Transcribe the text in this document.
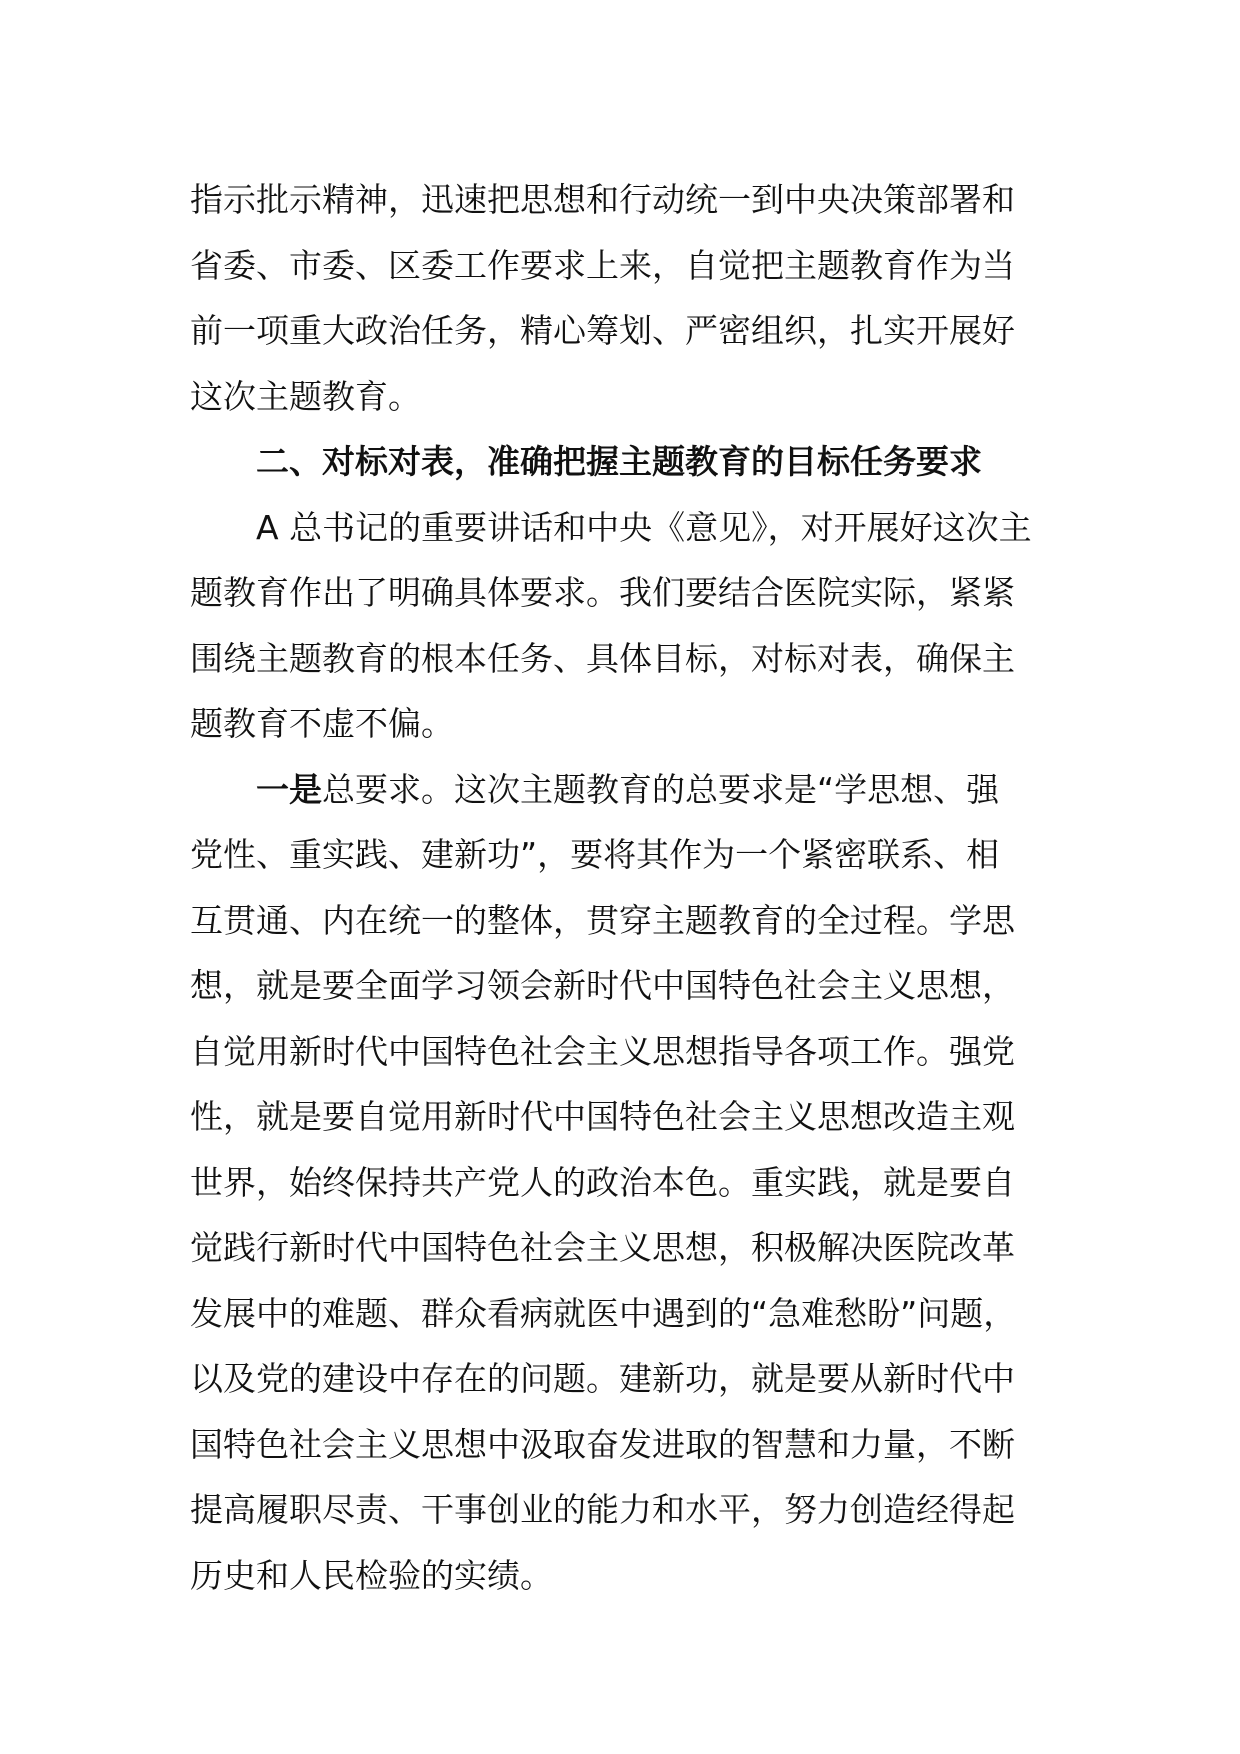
指示批示精神，迅速把思想和行动统一到中央决策部署和
省委、市委、区委工作要求上来，自觉把主题教育作为当
前一项重大政治任务，精心筹划、严密组织，扎实开展好
这次主题教育。
二、对标对表，准确把握主题教育的目标任务要求
A 总书记的重要讲话和中央《意见》，对开展好这次主
题教育作出了明确具体要求。我们要结合医院实际，紧紧
围绕主题教育的根本任务、具体目标，对标对表，确保主
题教育不虚不偏。
一是总要求。这次主题教育的总要求是“学思想、强
党性、重实践、建新功”，要将其作为一个紧密联系、相
互贯通、内在统一的整体，贯穿主题教育的全过程。学思
想，就是要全面学习领会新时代中国特色社会主义思想，
自觉用新时代中国特色社会主义思想指导各项工作。强党
性，就是要自觉用新时代中国特色社会主义思想改造主观
世界，始终保持共产党人的政治本色。重实践，就是要自
觉践行新时代中国特色社会主义思想，积极解决医院改革
发展中的难题、群众看病就医中遇到的“急难愁盼”问题，
以及党的建设中存在的问题。建新功，就是要从新时代中
国特色社会主义思想中汲取奋发进取的智慧和力量，不断
提高履职尽责、干事创业的能力和水平，努力创造经得起
历史和人民检验的实绩。
